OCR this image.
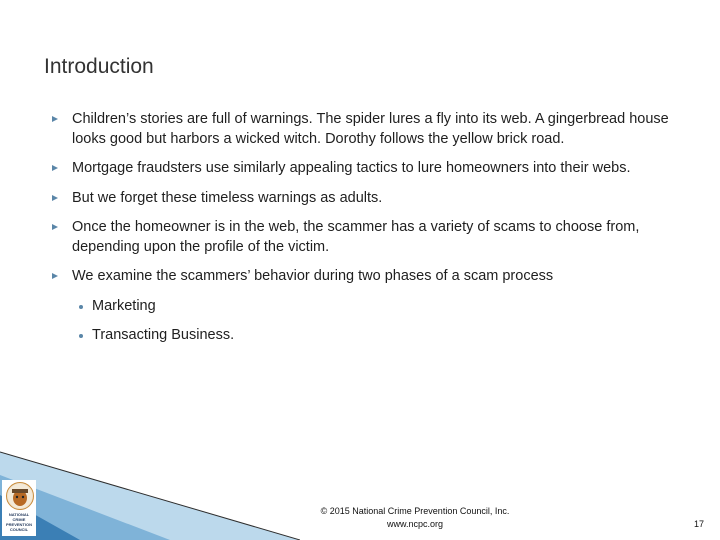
Introduction
Children’s stories are full of warnings. The spider lures a fly into its web. A gingerbread house looks good but harbors a wicked witch. Dorothy follows the yellow brick road.
Mortgage fraudsters use similarly appealing tactics to lure homeowners into their webs.
But we forget these timeless warnings as adults.
Once the homeowner is in the web, the scammer has a variety of scams to choose from, depending upon the profile of the victim.
We examine the scammers’ behavior during two phases of a scam process
Marketing
Transacting Business.
NATIONAL CRIME PREVENTION COUNCIL
© 2015 National Crime Prevention Council, Inc.
www.ncpc.org	17
